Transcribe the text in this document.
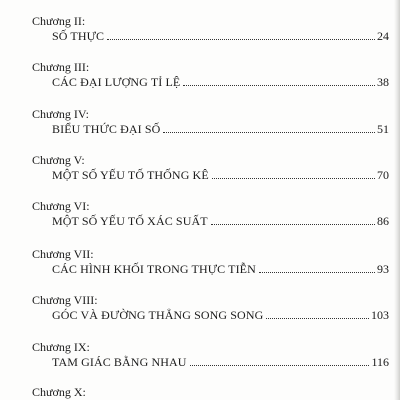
Chương II:
SỐ THỰC	24
Chương III:
CÁC ĐẠI LƯỢNG TỈ LỆ	38
Chương IV:
BIỂU THỨC ĐẠI SỐ	51
Chương V:
MỘT SỐ YẾU TỐ THỐNG KÊ	70
Chương VI:
MỘT SỐ YẾU TỐ XÁC SUẤT	86
Chương VII:
CÁC HÌNH KHỐI TRONG THỰC TIỄN	93
Chương VIII:
GÓC VÀ ĐƯỜNG THẲNG SONG SONG	103
Chương IX:
TAM GIÁC BẰNG NHAU	116
Chương X:
